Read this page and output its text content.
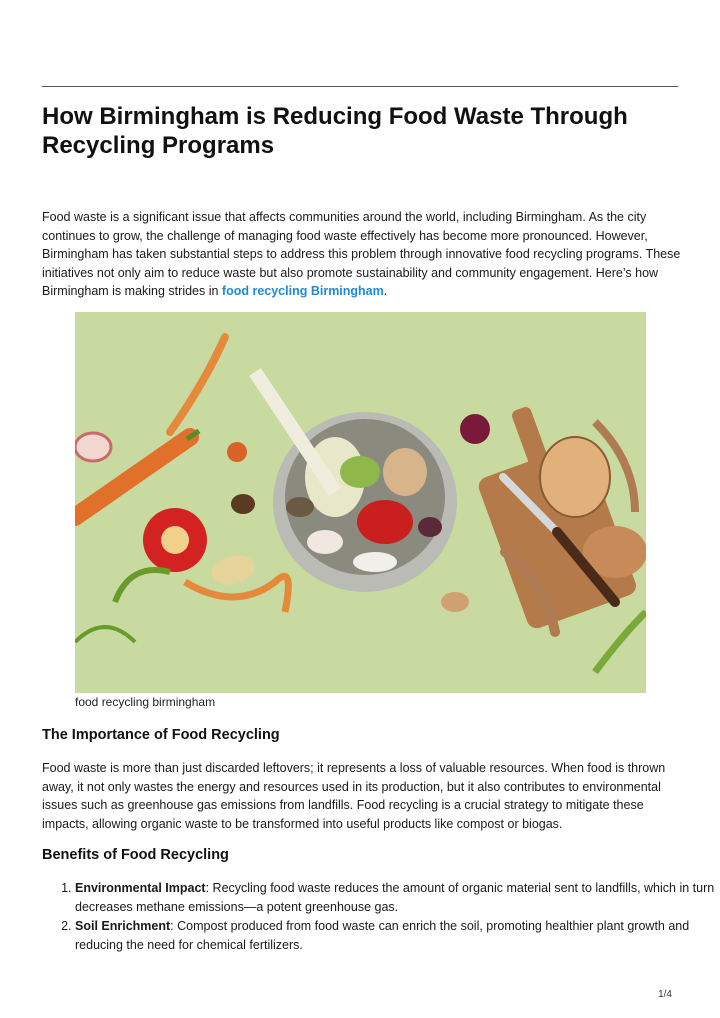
How Birmingham is Reducing Food Waste Through Recycling Programs

Food waste is a significant issue that affects communities around the world, including Birmingham. As the city continues to grow, the challenge of managing food waste effectively has become more pronounced. However, Birmingham has taken substantial steps to address this problem through innovative food recycling programs. These initiatives not only aim to reduce waste but also promote sustainability and community engagement. Here’s how Birmingham is making strides in food recycling Birmingham.

food recycling birmingham

The Importance of Food Recycling

Food waste is more than just discarded leftovers; it represents a loss of valuable resources. When food is thrown away, it not only wastes the energy and resources used in its production, but it also contributes to environmental issues such as greenhouse gas emissions from landfills. Food recycling is a crucial strategy to mitigate these impacts, allowing organic waste to be transformed into useful products like compost or biogas.

Benefits of Food Recycling
1. Environmental Impact: Recycling food waste reduces the amount of organic material sent to landfills, which in turn decreases methane emissions—a potent greenhouse gas.
2. Soil Enrichment: Compost produced from food waste can enrich the soil, promoting healthier plant growth and reducing the need for chemical fertilizers.
1/4
